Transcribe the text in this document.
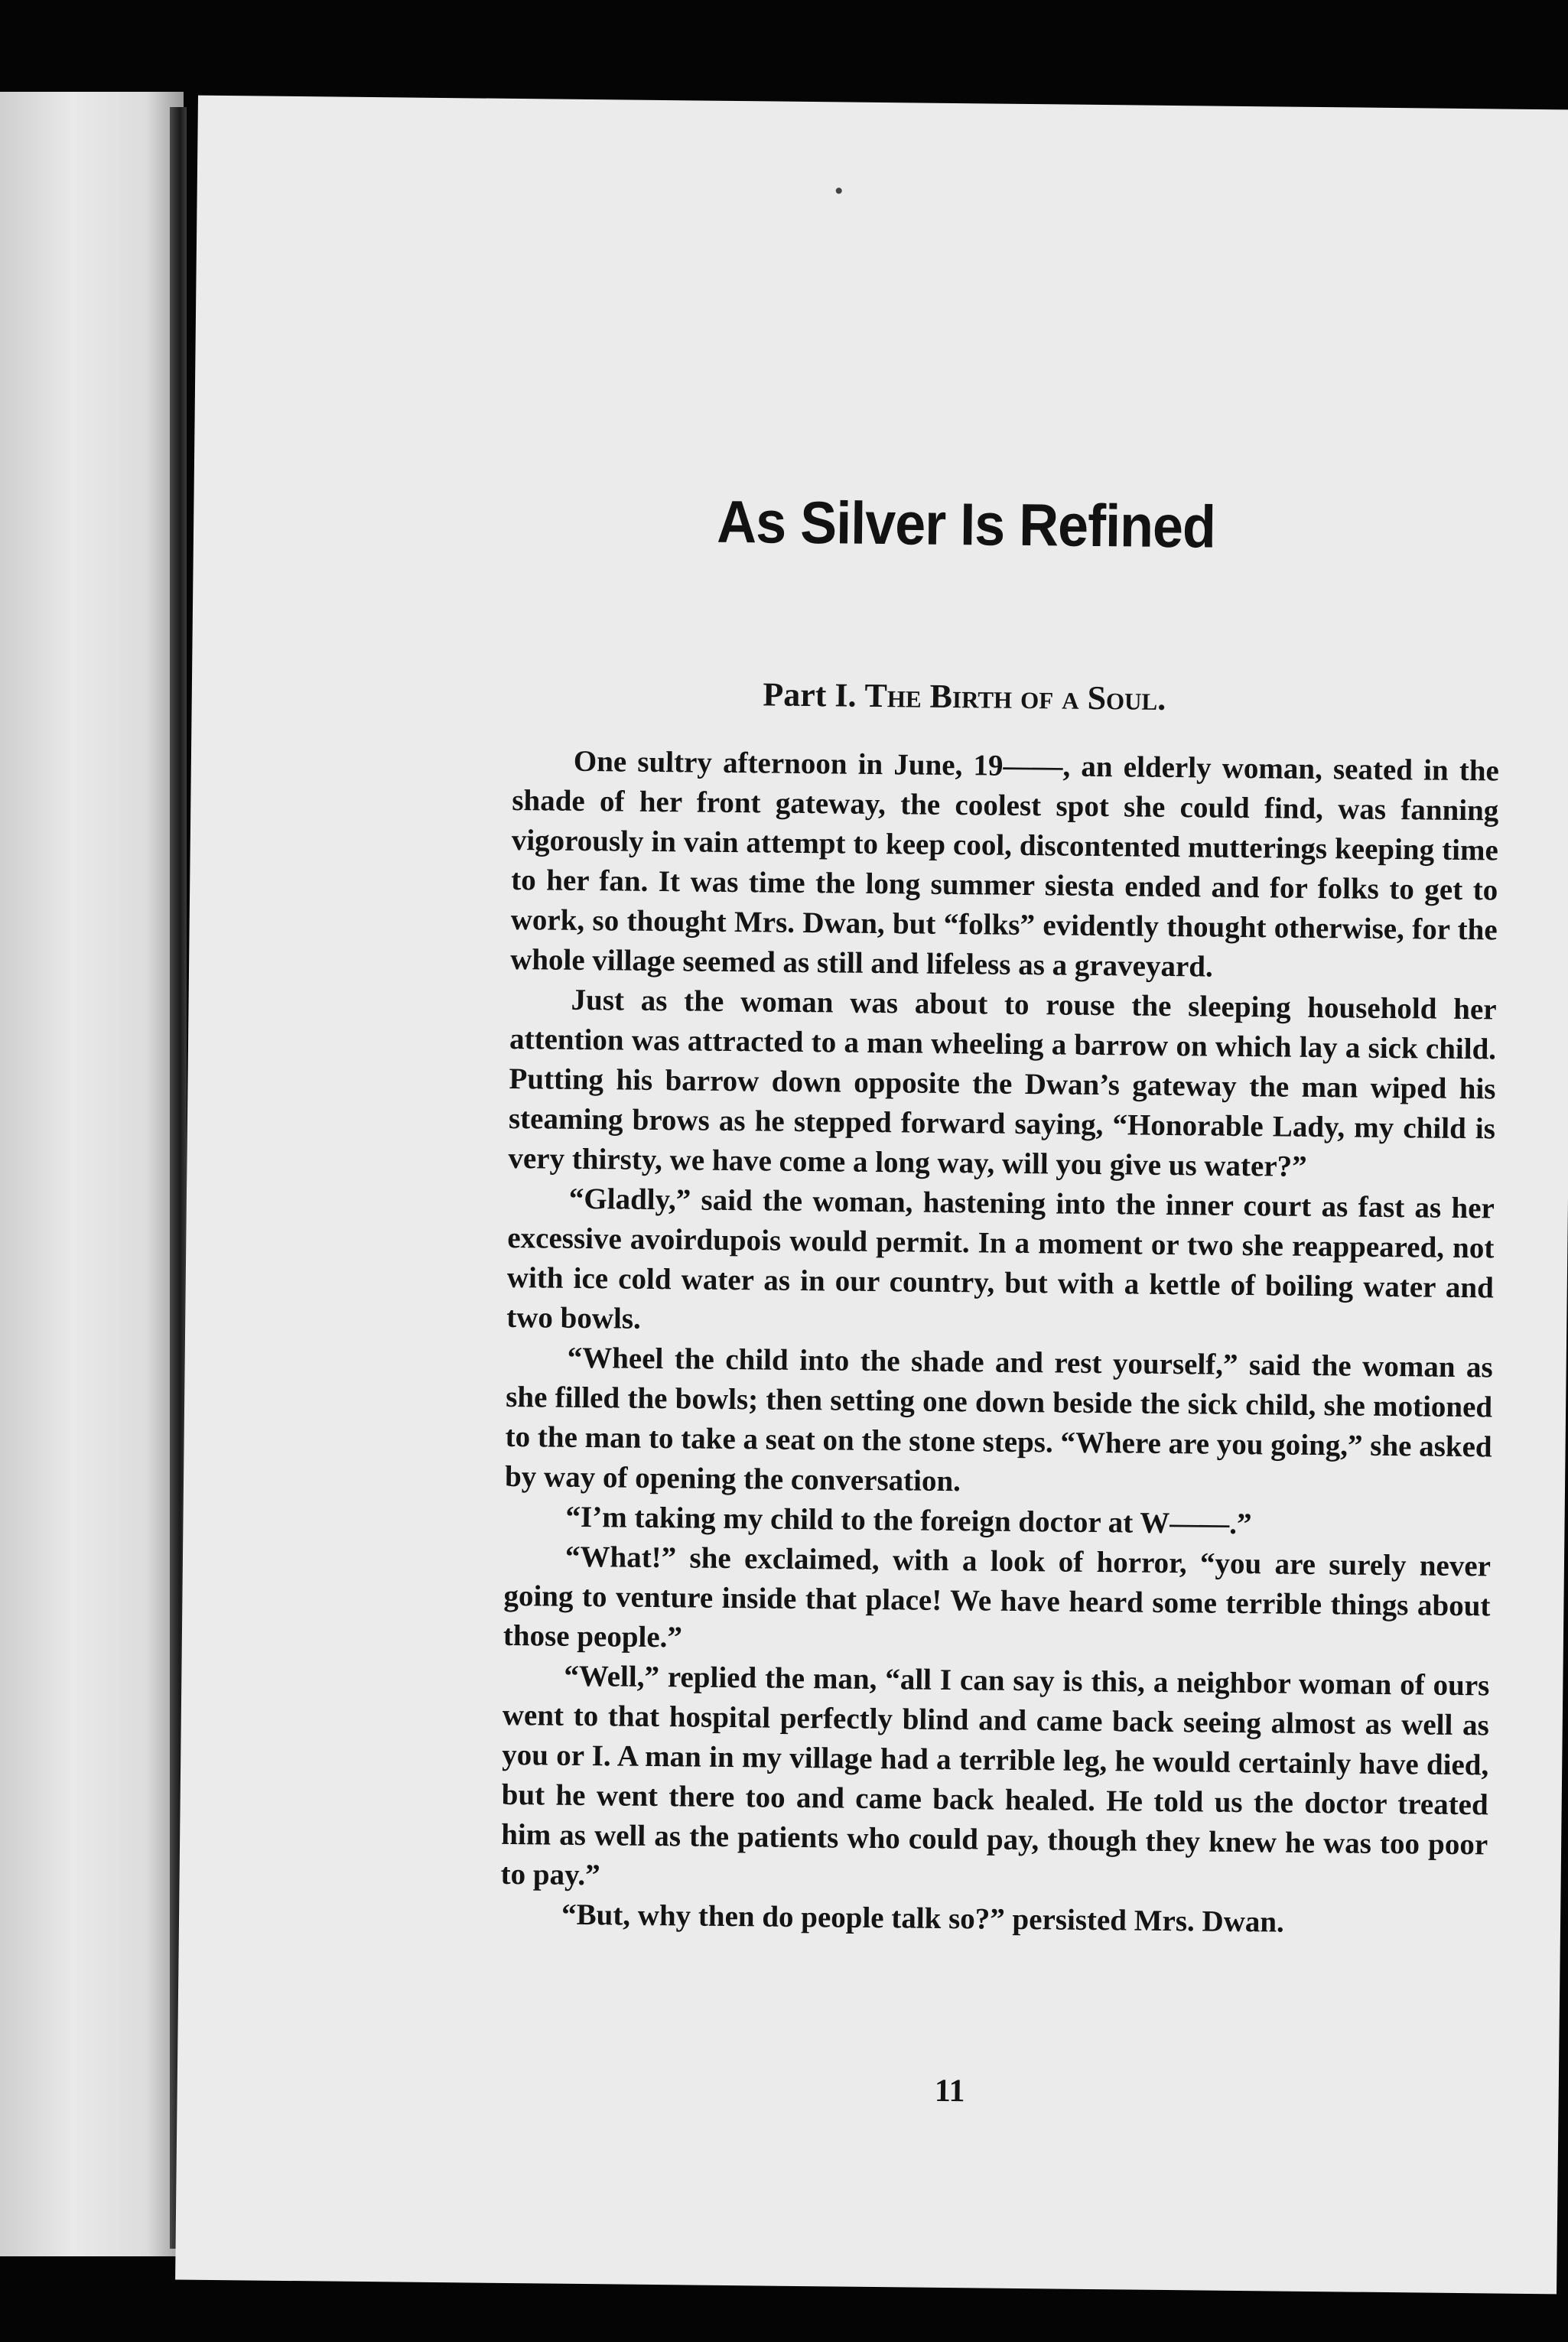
As Silver Is Refined
Part I. The Birth of a Soul.

One sultry afternoon in June, 19——, an elderly woman, seated in the shade of her front gateway, the coolest spot she could find, was fanning vigorously in vain attempt to keep cool, discontented mutterings keeping time to her fan. It was time the long summer siesta ended and for folks to get to work, so thought Mrs. Dwan, but “folks” evidently thought otherwise, for the whole village seemed as still and lifeless as a graveyard.

Just as the woman was about to rouse the sleeping household her attention was attracted to a man wheeling a barrow on which lay a sick child. Putting his barrow down opposite the Dwan’s gateway the man wiped his steaming brows as he stepped forward saying, “Honorable Lady, my child is very thirsty, we have come a long way, will you give us water?”

“Gladly,” said the woman, hastening into the inner court as fast as her excessive avoirdupois would permit. In a moment or two she reappeared, not with ice cold water as in our country, but with a kettle of boiling water and two bowls.

“Wheel the child into the shade and rest yourself,” said the woman as she filled the bowls; then setting one down beside the sick child, she motioned to the man to take a seat on the stone steps. “Where are you going,” she asked by way of opening the conversation.

“I’m taking my child to the foreign doctor at W——.”

“What!” she exclaimed, with a look of horror, “you are surely never going to venture inside that place! We have heard some terrible things about those people.”

“Well,” replied the man, “all I can say is this, a neighbor woman of ours went to that hospital perfectly blind and came back seeing almost as well as you or I. A man in my village had a terrible leg, he would certainly have died, but he went there too and came back healed. He told us the doctor treated him as well as the patients who could pay, though they knew he was too poor to pay.”

“But, why then do people talk so?” persisted Mrs. Dwan.

11
